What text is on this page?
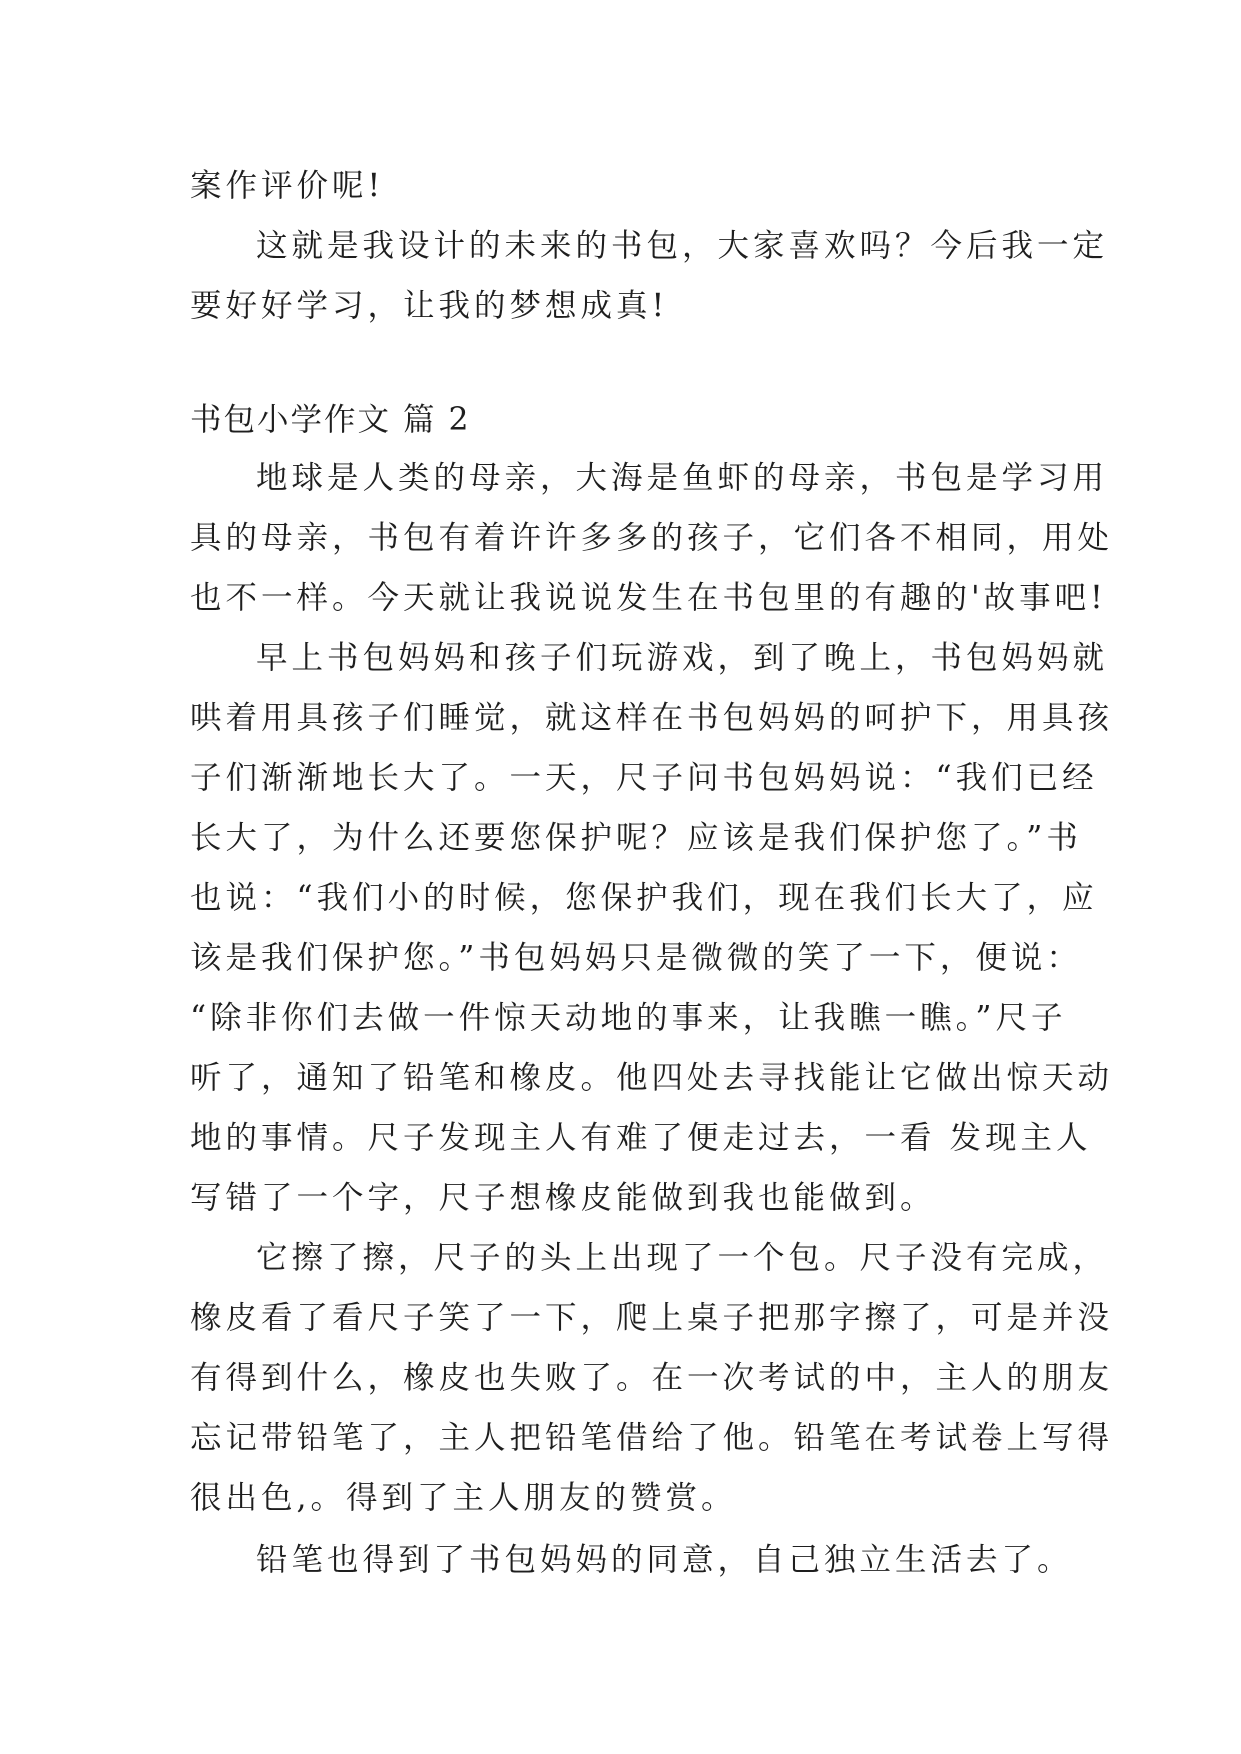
案作评价呢!
这就是我设计的未来的书包，大家喜欢吗？今后我一定
要好好学习，让我的梦想成真!
书包小学作文 篇 2
地球是人类的母亲，大海是鱼虾的母亲，书包是学习用
具的母亲，书包有着许许多多的孩子，它们各不相同，用处
也不一样。今天就让我说说发生在书包里的有趣的'故事吧!
早上书包妈妈和孩子们玩游戏，到了晚上，书包妈妈就
哄着用具孩子们睡觉，就这样在书包妈妈的呵护下，用具孩
子们渐渐地长大了。一天，尺子问书包妈妈说：“我们已经
长大了，为什么还要您保护呢？应该是我们保护您了。”书
也说：“我们小的时候，您保护我们，现在我们长大了，应
该是我们保护您。”书包妈妈只是微微的笑了一下，便说：
“除非你们去做一件惊天动地的事来，让我瞧一瞧。”尺子
听了，通知了铅笔和橡皮。他四处去寻找能让它做出惊天动
地的事情。尺子发现主人有难了便走过去，一看 发现主人
写错了一个字，尺子想橡皮能做到我也能做到。
它擦了擦，尺子的头上出现了一个包。尺子没有完成，
橡皮看了看尺子笑了一下，爬上桌子把那字擦了，可是并没
有得到什么，橡皮也失败了。在一次考试的中，主人的朋友
忘记带铅笔了，主人把铅笔借给了他。铅笔在考试卷上写得
很出色,。得到了主人朋友的赞赏。
铅笔也得到了书包妈妈的同意，自己独立生活去了。
